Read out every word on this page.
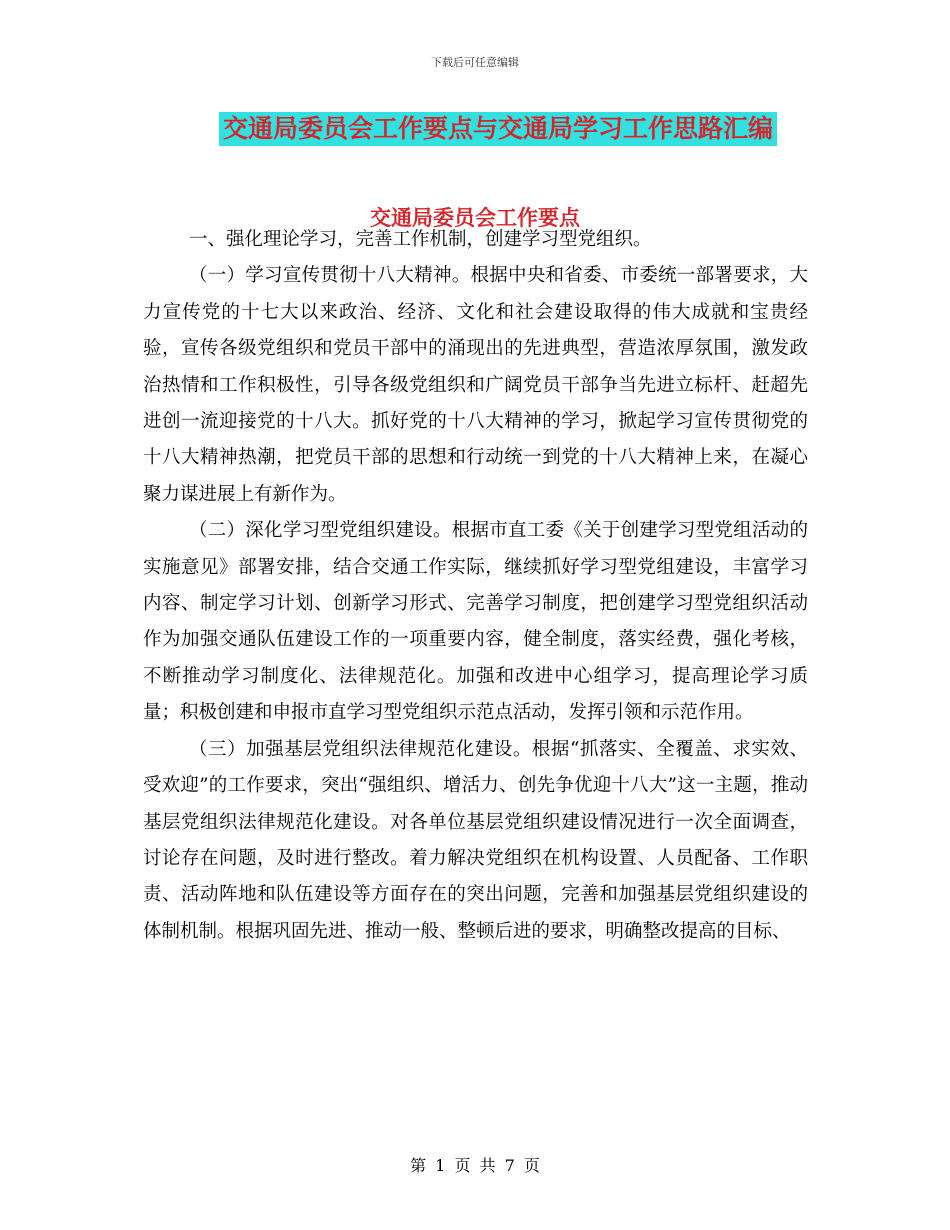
下载后可任意编辑
交通局委员会工作要点与交通局学习工作思路汇编
交通局委员会工作要点

一、强化理论学习，完善工作机制，创建学习型党组织。

（一）学习宣传贯彻十八大精神。根据中央和省委、市委统一部署要求，大力宣传党的十七大以来政治、经济、文化和社会建设取得的伟大成就和宝贵经验，宣传各级党组织和党员干部中的涌现出的先进典型，营造浓厚氛围，激发政治热情和工作积极性，引导各级党组织和广阔党员干部争当先进立标杆、赶超先进创一流迎接党的十八大。抓好党的十八大精神的学习，掀起学习宣传贯彻党的十八大精神热潮，把党员干部的思想和行动统一到党的十八大精神上来，在凝心聚力谋进展上有新作为。

（二）深化学习型党组织建设。根据市直工委《关于创建学习型党组活动的实施意见》部署安排，结合交通工作实际，继续抓好学习型党组建设，丰富学习内容、制定学习计划、创新学习形式、完善学习制度，把创建学习型党组织活动作为加强交通队伍建设工作的一项重要内容，健全制度，落实经费，强化考核，不断推动学习制度化、法律规范化。加强和改进中心组学习，提高理论学习质量；积极创建和申报市直学习型党组织示范点活动，发挥引领和示范作用。

（三）加强基层党组织法律规范化建设。根据“抓落实、全覆盖、求实效、受欢迎”的工作要求，突出“强组织、增活力、创先争优迎十八大”这一主题，推动基层党组织法律规范化建设。对各单位基层党组织建设情况进行一次全面调查，讨论存在问题，及时进行整改。着力解决党组织在机构设置、人员配备、工作职责、活动阵地和队伍建设等方面存在的突出问题，完善和加强基层党组织建设的体制机制。根据巩固先进、推动一般、整顿后进的要求，明确整改提高的目标、

第 1 页 共 7 页
